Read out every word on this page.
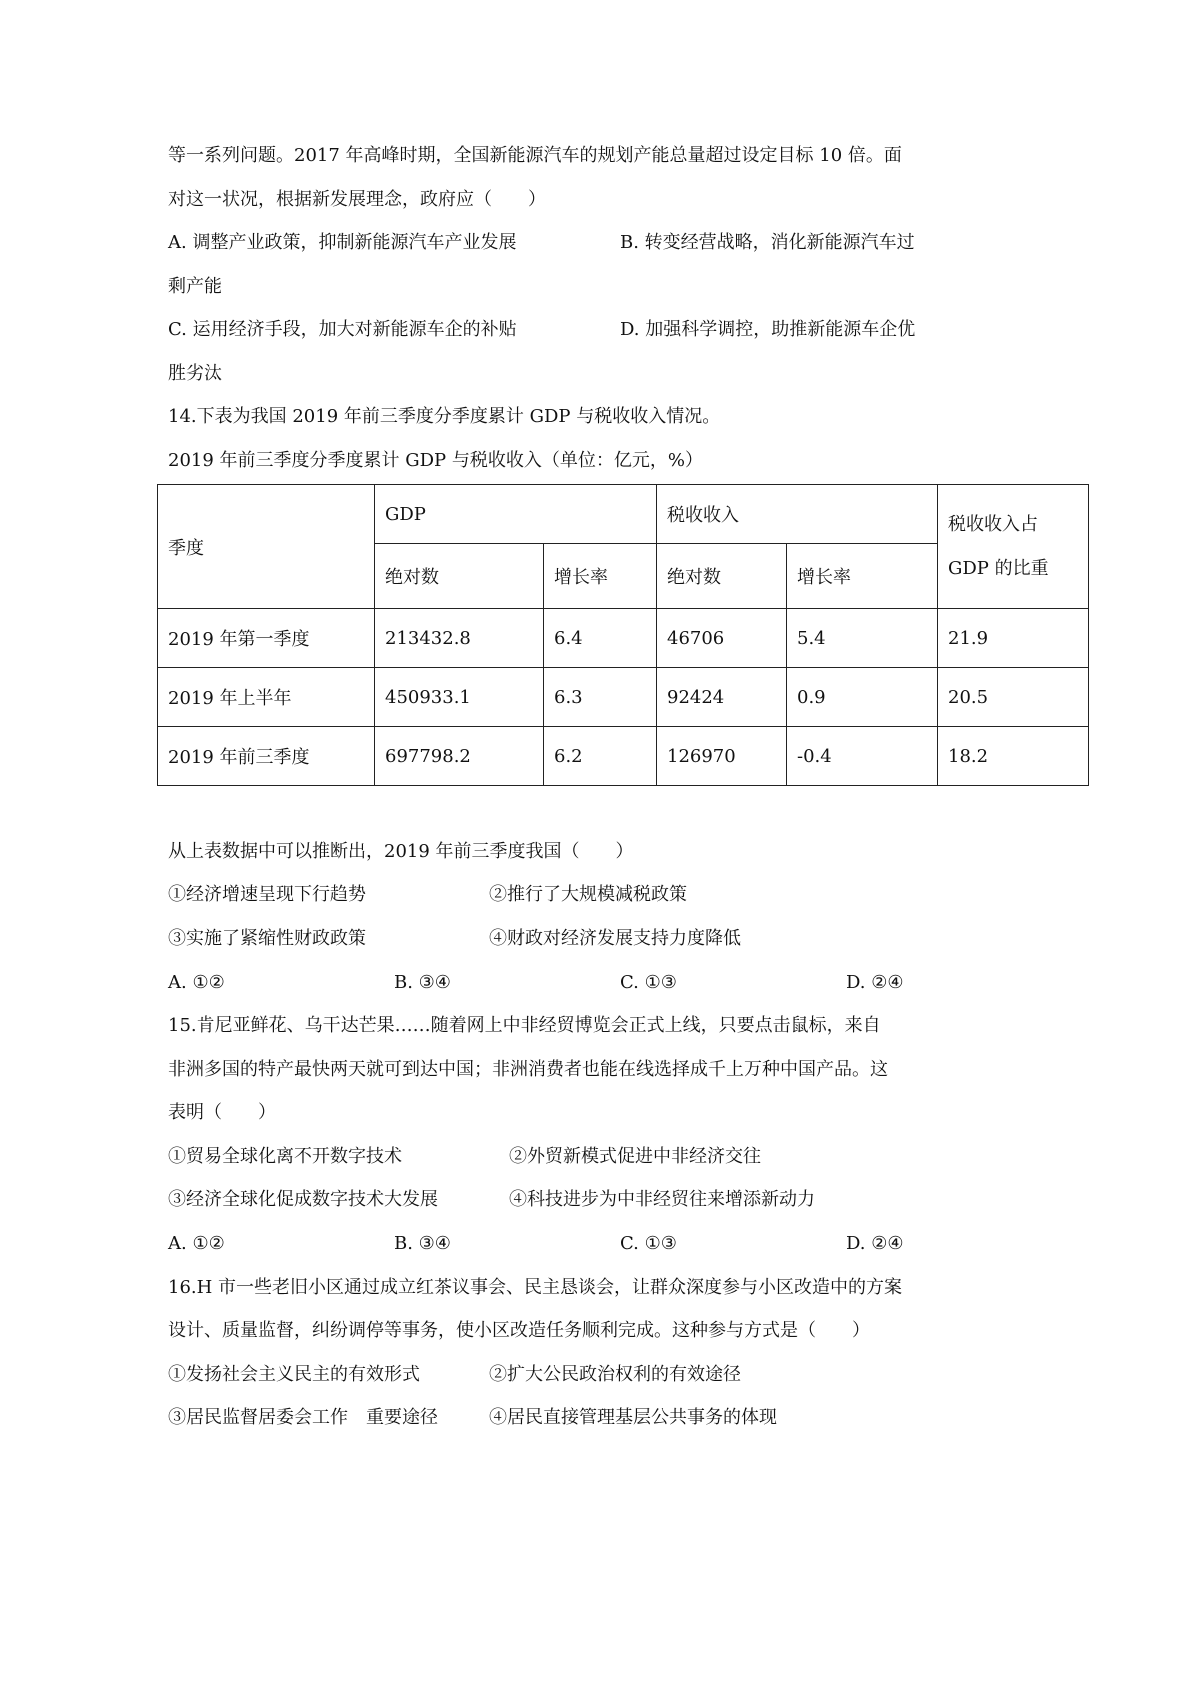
等一系列问题。2017 年高峰时期，全国新能源汽车的规划产能总量超过设定目标 10 倍。面
对这一状况，根据新发展理念，政府应（　　）
A. 调整产业政策，抑制新能源汽车产业发展	B. 转变经营战略，消化新能源汽车过
剩产能
C. 运用经济手段，加大对新能源车企的补贴	D. 加强科学调控，助推新能源车企优
胜劣汰
14.下表为我国 2019 年前三季度分季度累计 GDP 与税收收入情况。
2019 年前三季度分季度累计 GDP 与税收收入（单位：亿元，%）
季度	GDP		税收收入		税收收入占
GDP 的比重
	绝对数	增长率	绝对数	增长率	
2019 年第一季度	213432.8	6.4	46706	5.4	21.9
2019 年上半年	450933.1	6.3	92424	0.9	20.5
2019 年前三季度	697798.2	6.2	126970	-0.4	18.2
从上表数据中可以推断出，2019 年前三季度我国（　　）
①经济增速呈现下行趋势	②推行了大规模减税政策
③实施了紧缩性财政政策	④财政对经济发展支持力度降低
A. ①②	B. ③④	C. ①③	D. ②④
15.肯尼亚鲜花、乌干达芒果……随着网上中非经贸博览会正式上线，只要点击鼠标，来自
非洲多国的特产最快两天就可到达中国；非洲消费者也能在线选择成千上万种中国产品。这
表明（　　）
①贸易全球化离不开数字技术	②外贸新模式促进中非经济交往
③经济全球化促成数字技术大发展	④科技进步为中非经贸往来增添新动力
A. ①②	B. ③④	C. ①③	D. ②④
16.H 市一些老旧小区通过成立红茶议事会、民主恳谈会，让群众深度参与小区改造中的方案
设计、质量监督，纠纷调停等事务，使小区改造任务顺利完成。这种参与方式是（　　）
①发扬社会主义民主的有效形式	②扩大公民政治权利的有效途径
③居民监督居委会工作　重要途径	④居民直接管理基层公共事务的体现
